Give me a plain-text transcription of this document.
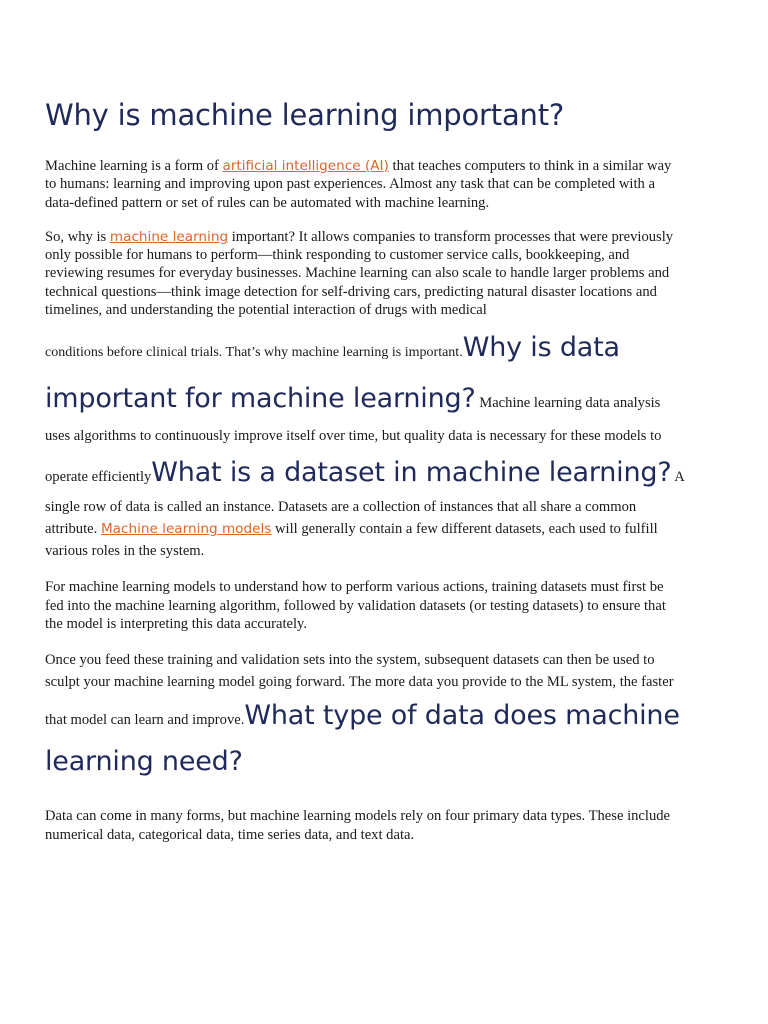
Why is machine learning important?

Machine learning is a form of artificial intelligence (AI) that teaches computers to think in a similar way to humans: learning and improving upon past experiences. Almost any task that can be completed with a data-defined pattern or set of rules can be automated with machine learning.

So, why is machine learning important? It allows companies to transform processes that were previously only possible for humans to perform—think responding to customer service calls, bookkeeping, and reviewing resumes for everyday businesses. Machine learning can also scale to handle larger problems and technical questions—think image detection for self-driving cars, predicting natural disaster locations and timelines, and understanding the potential interaction of drugs with medical

conditions before clinical trials. That’s why machine learning is important.Why is data important for machine learning? Machine learning data analysis uses algorithms to continuously improve itself over time, but quality data is necessary for these models to operate efficientlyWhat is a dataset in machine learning? A single row of data is called an instance. Datasets are a collection of instances that all share a common attribute. Machine learning models will generally contain a few different datasets, each used to fulfill various roles in the system.

For machine learning models to understand how to perform various actions, training datasets must first be fed into the machine learning algorithm, followed by validation datasets (or testing datasets) to ensure that the model is interpreting this data accurately.

Once you feed these training and validation sets into the system, subsequent datasets can then be used to sculpt your machine learning model going forward. The more data you provide to the ML system, the faster that model can learn and improve.What type of data does machine learning need?

Data can come in many forms, but machine learning models rely on four primary data types. These include numerical data, categorical data, time series data, and text data.
